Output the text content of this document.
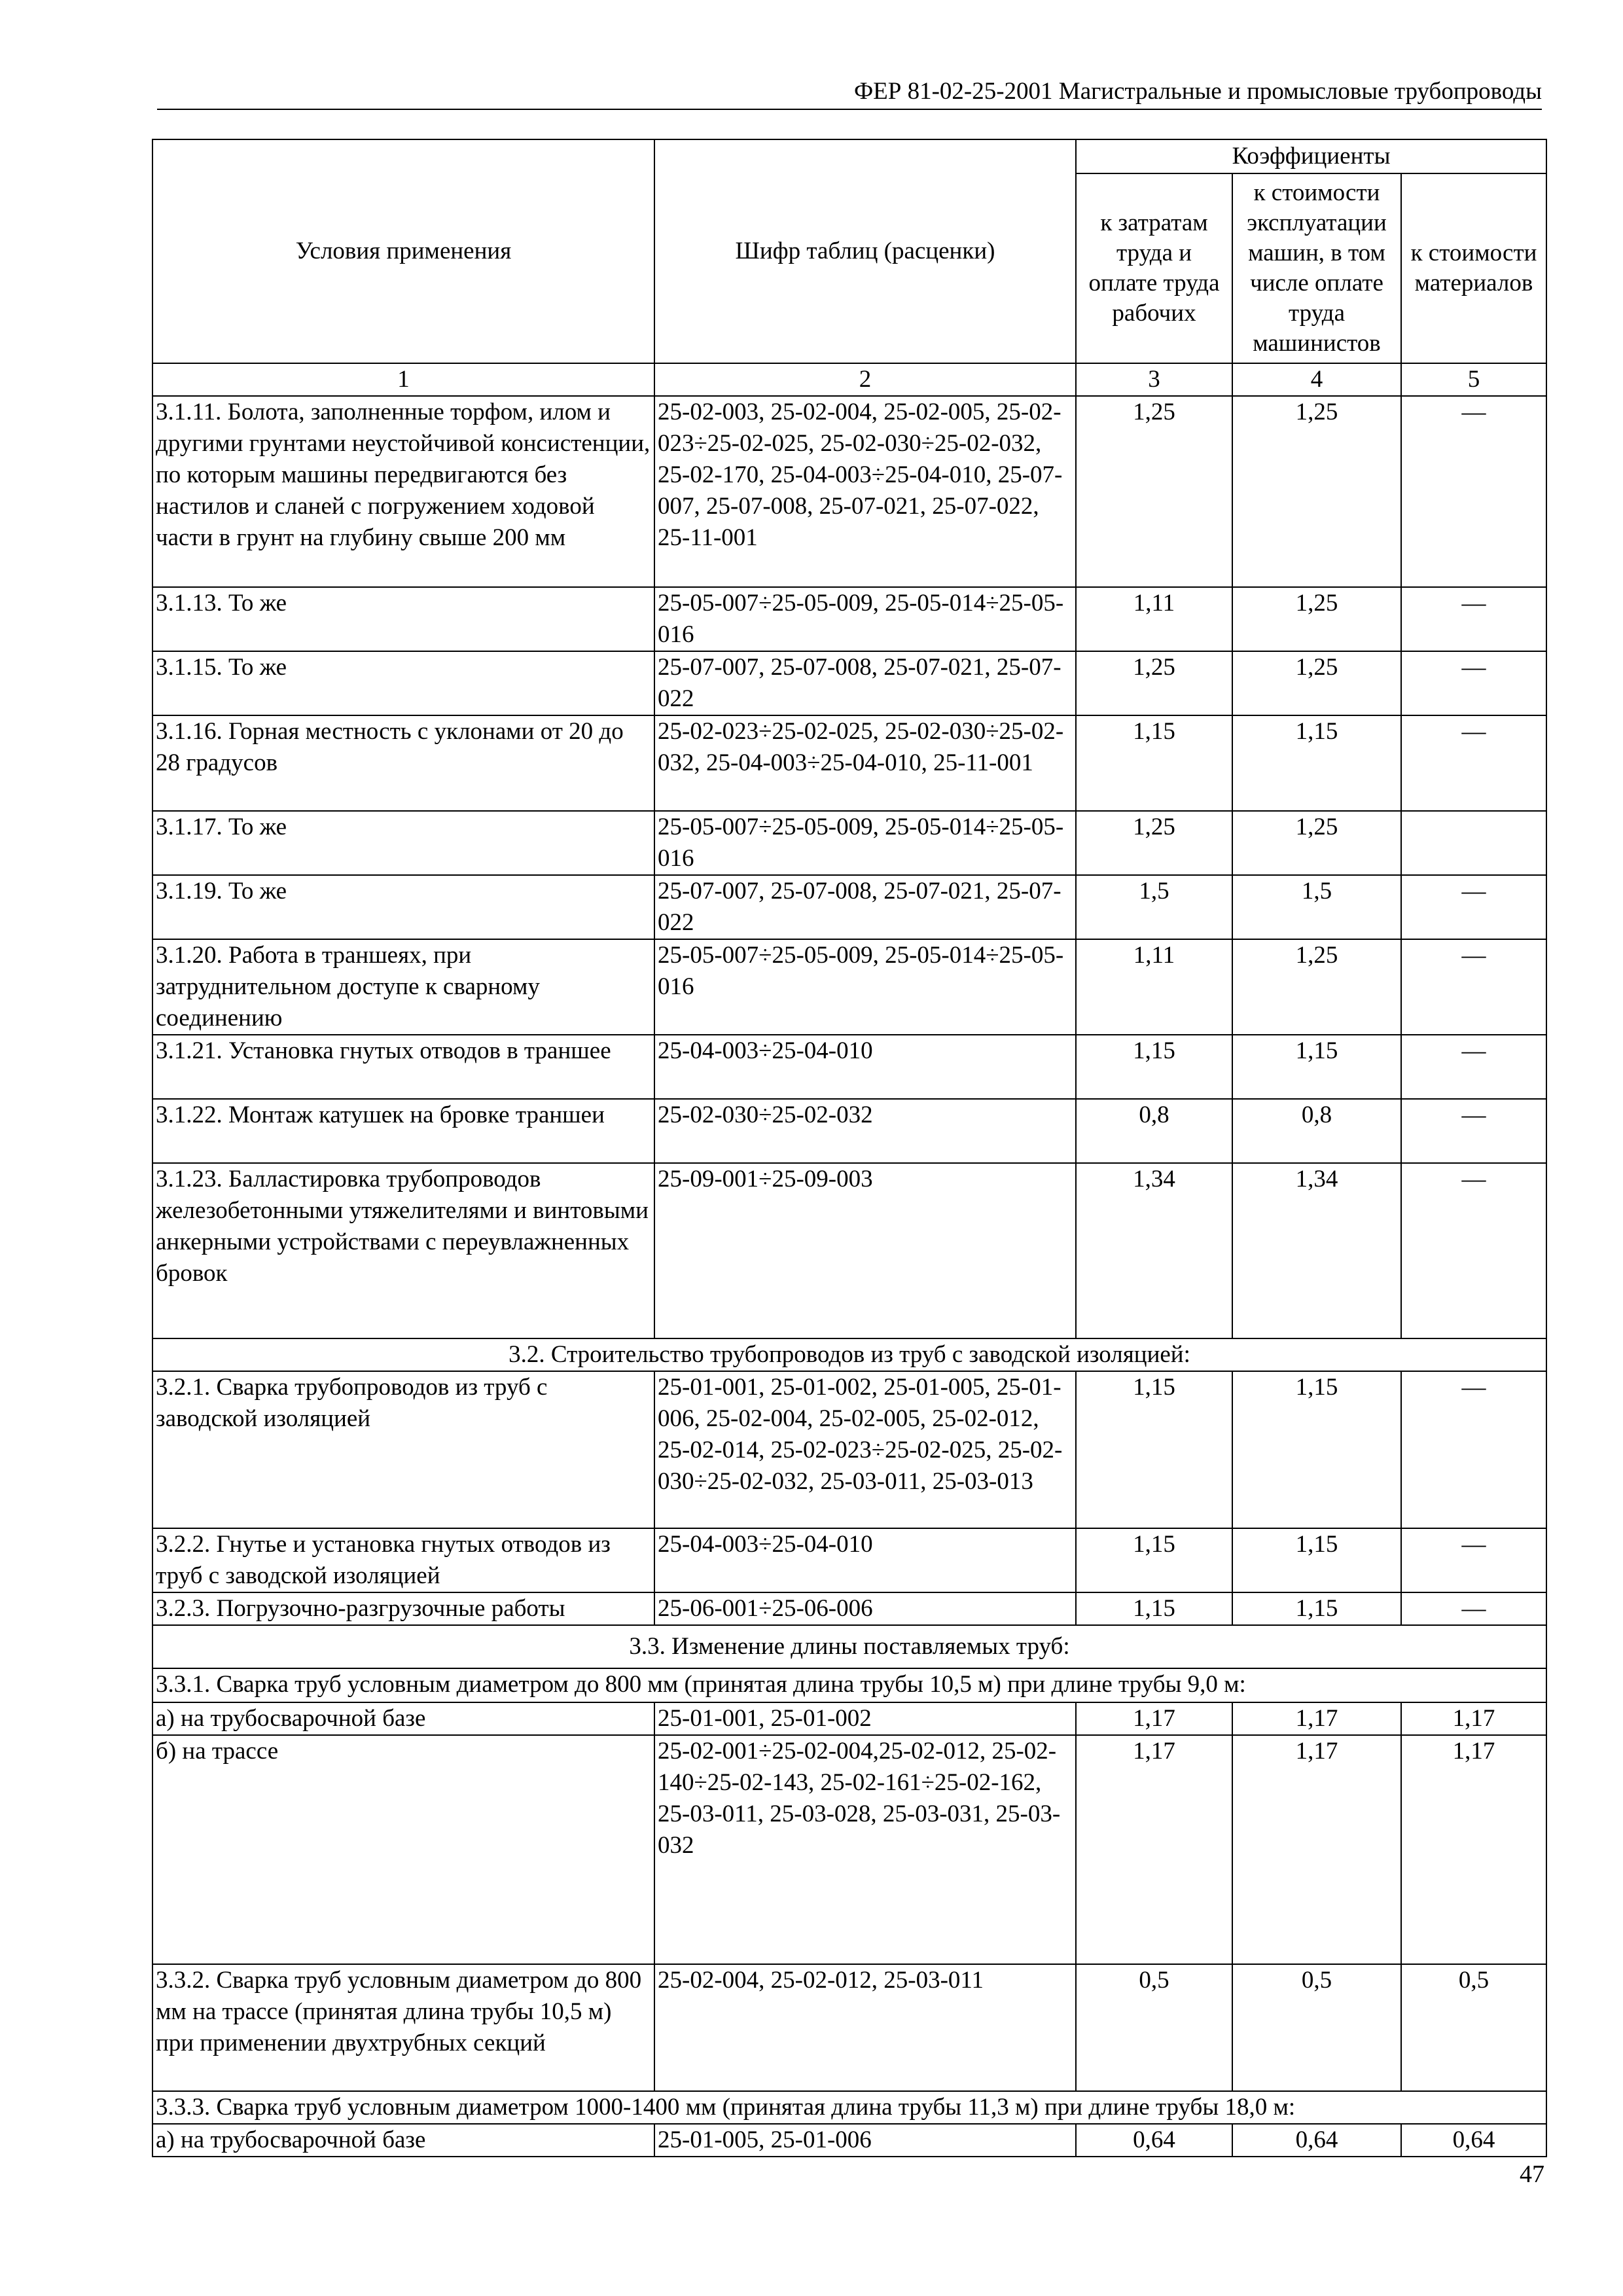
ФЕР 81-02-25-2001 Магистральные и промысловые трубопроводы
Условия применения	Шифр таблиц (расценки)	Коэффициенты		
		к затратам труда и оплате труда рабочих	к стоимости эксплуатации машин, в том числе оплате труда машинистов	к стоимости материалов
1	2	3	4	5
3.1.11. Болота, заполненные торфом, илом и другими грунтами неустойчивой консистенции, по которым машины передвигаются без настилов и сланей с погружением ходовой части в грунт на глубину свыше 200 мм	25-02-003, 25-02-004, 25-02-005, 25-02-023÷25-02-025, 25-02-030÷25-02-032, 25-02-170, 25-04-003÷25-04-010, 25-07-007, 25-07-008, 25-07-021, 25-07-022, 25-11-001	1,25	1,25	—
3.1.13. То же	25-05-007÷25-05-009, 25-05-014÷25-05-016	1,11	1,25	—
3.1.15. То же	25-07-007, 25-07-008, 25-07-021, 25-07-022	1,25	1,25	—
3.1.16. Горная местность с уклонами от 20 до 28 градусов	25-02-023÷25-02-025, 25-02-030÷25-02-032, 25-04-003÷25-04-010, 25-11-001	1,15	1,15	—
3.1.17. То же	25-05-007÷25-05-009, 25-05-014÷25-05-016	1,25	1,25	
3.1.19. То же	25-07-007, 25-07-008, 25-07-021, 25-07-022	1,5	1,5	—
3.1.20. Работа в траншеях, при затруднительном доступе к сварному соединению	25-05-007÷25-05-009, 25-05-014÷25-05-016	1,11	1,25	—
3.1.21. Установка гнутых отводов в траншее	25-04-003÷25-04-010	1,15	1,15	—
3.1.22. Монтаж катушек на бровке траншеи	25-02-030÷25-02-032	0,8	0,8	—
3.1.23. Балластировка трубопроводов железобетонными утяжелителями и винтовыми анкерными устройствами с переувлажненных бровок	25-09-001÷25-09-003	1,34	1,34	—
3.2. Строительство трубопроводов из труб с заводской изоляцией:				
3.2.1. Сварка трубопроводов из труб с заводской изоляцией	25-01-001, 25-01-002, 25-01-005, 25-01-006, 25-02-004, 25-02-005, 25-02-012, 25-02-014, 25-02-023÷25-02-025, 25-02-030÷25-02-032, 25-03-011, 25-03-013	1,15	1,15	—
3.2.2. Гнутье и установка гнутых отводов из труб с заводской изоляцией	25-04-003÷25-04-010	1,15	1,15	—
3.2.3. Погрузочно-разгрузочные работы	25-06-001÷25-06-006	1,15	1,15	—
3.3. Изменение длины поставляемых труб:				
3.3.1. Сварка труб условным диаметром до 800 мм (принятая длина трубы 10,5 м) при длине трубы 9,0 м:				
а) на трубосварочной базе	25-01-001, 25-01-002	1,17	1,17	1,17
б) на трассе	25-02-001÷25-02-004,25-02-012, 25-02-140÷25-02-143, 25-02-161÷25-02-162, 25-03-011, 25-03-028, 25-03-031, 25-03-032	1,17	1,17	1,17
3.3.2. Сварка труб условным диаметром до 800 мм на трассе (принятая длина трубы 10,5 м) при применении двухтрубных секций	25-02-004, 25-02-012, 25-03-011	0,5	0,5	0,5
3.3.3. Сварка труб условным диаметром 1000-1400 мм (принятая длина трубы 11,3 м) при длине трубы 18,0 м:				
а) на трубосварочной базе	25-01-005, 25-01-006	0,64	0,64	0,64
47
